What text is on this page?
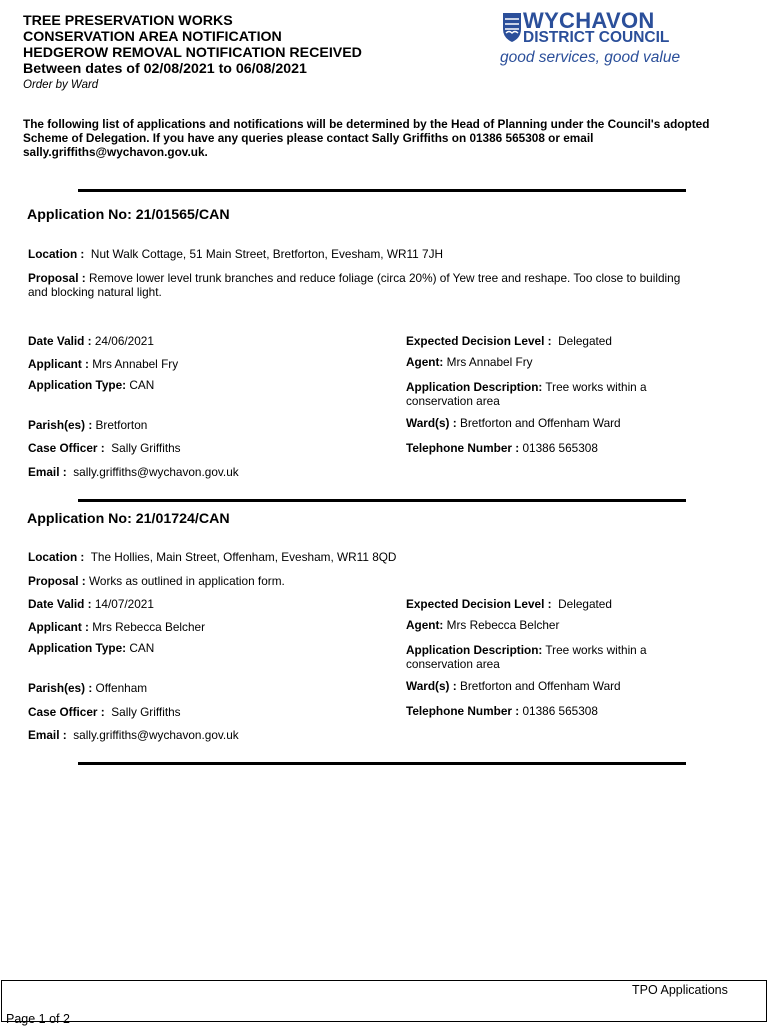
TREE PRESERVATION WORKS
CONSERVATION AREA NOTIFICATION
HEDGEROW REMOVAL NOTIFICATION RECEIVED
Between dates of 02/08/2021 to 06/08/2021
Order by Ward
WYCHAVON
DISTRICT COUNCIL
good services, good value
The following list of applications and notifications will be determined by the Head of Planning under the Council's adopted Scheme of Delegation. If you have any queries please contact Sally Griffiths on 01386 565308 or email sally.griffiths@wychavon.gov.uk.
Application No: 21/01565/CAN
Location : Nut Walk Cottage, 51 Main Street, Bretforton, Evesham, WR11 7JH
Proposal : Remove lower level trunk branches and reduce foliage (circa 20%) of Yew tree and reshape. Too close to building and blocking natural light.
Date Valid : 24/06/2021	Expected Decision Level : Delegated
Applicant : Mrs Annabel Fry	Agent: Mrs Annabel Fry
Application Type: CAN	Application Description: Tree works within a conservation area
Parish(es) : Bretforton	Ward(s) : Bretforton and Offenham Ward
Case Officer : Sally Griffiths	Telephone Number : 01386 565308
Email : sally.griffiths@wychavon.gov.uk
Application No: 21/01724/CAN
Location : The Hollies, Main Street, Offenham, Evesham, WR11 8QD
Proposal : Works as outlined in application form.
Date Valid : 14/07/2021	Expected Decision Level : Delegated
Applicant : Mrs Rebecca Belcher	Agent: Mrs Rebecca Belcher
Application Type: CAN	Application Description: Tree works within a conservation area
Parish(es) : Offenham	Ward(s) : Bretforton and Offenham Ward
Case Officer : Sally Griffiths	Telephone Number : 01386 565308
Email : sally.griffiths@wychavon.gov.uk
Page 1 of 2
TPO Applications
